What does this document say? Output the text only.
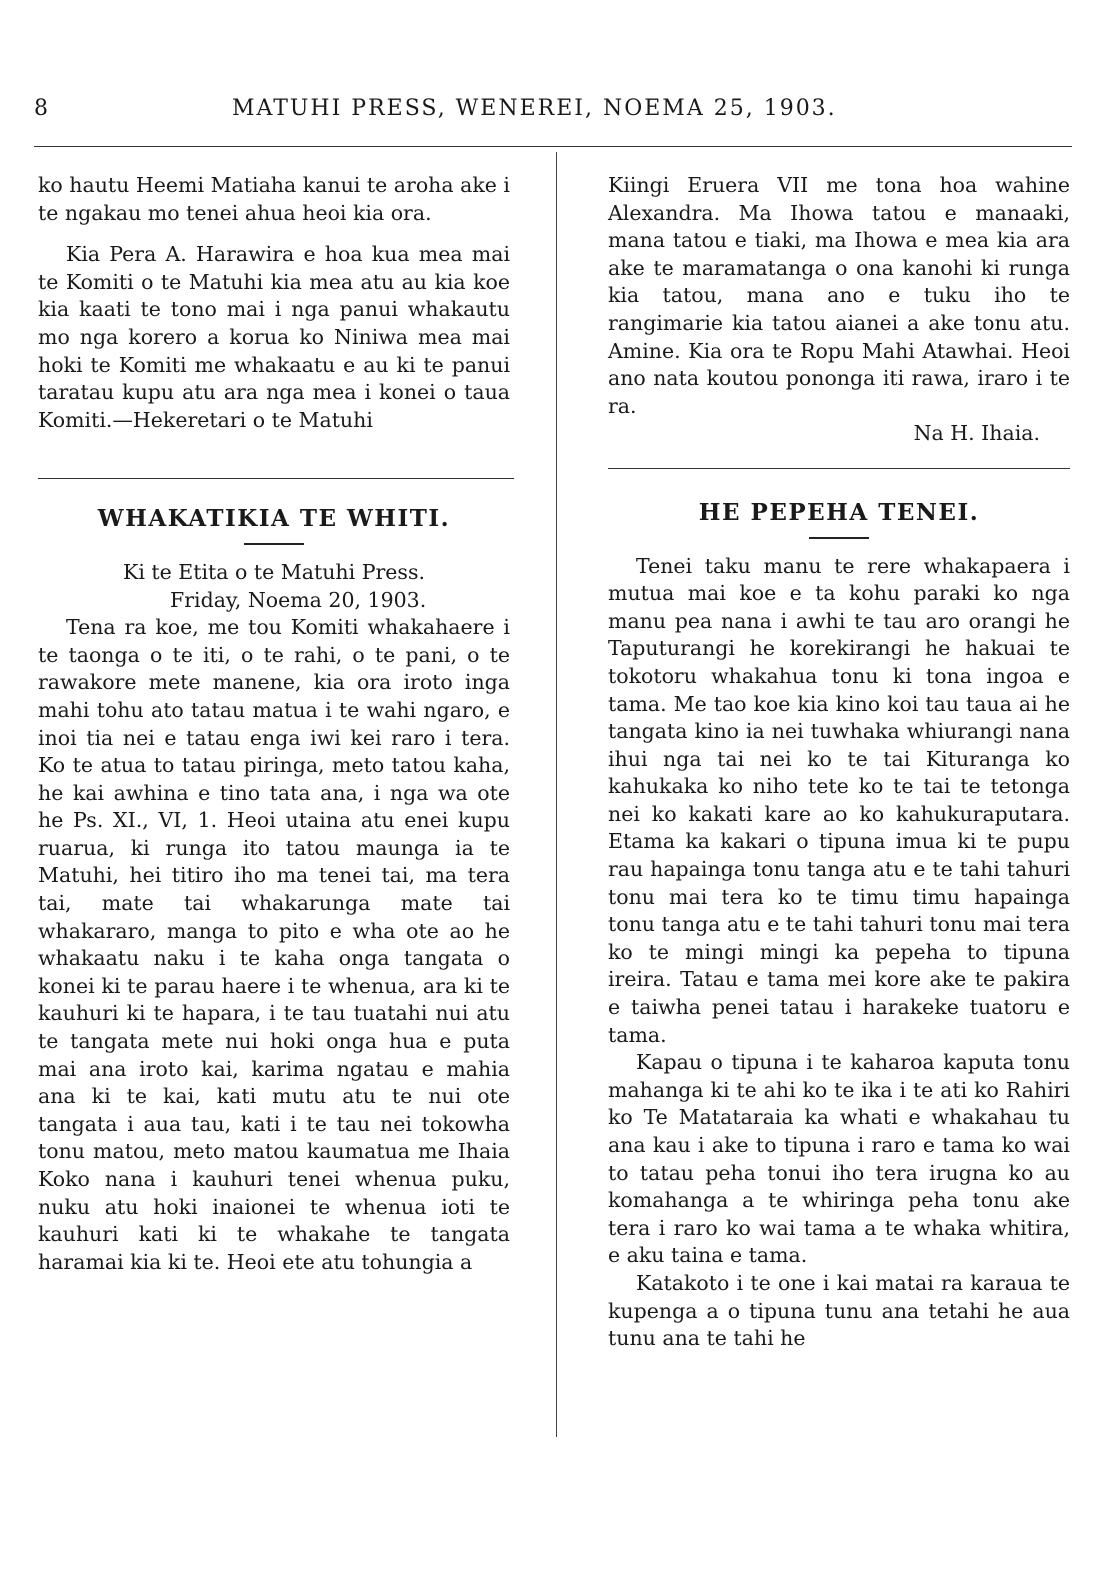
8	MATUHI PRESS, WENEREI, NOEMA 25, 1903.

ko hautu Heemi Matiaha kanui te aroha ake i te ngakau mo tenei ahua heoi kia ora.

Kia Pera A. Harawira e hoa kua mea mai te Komiti o te Matuhi kia mea atu au kia koe kia kaati te tono mai i nga panui whakautu mo nga korero a korua ko Niniwa mea mai hoki te Komiti me whakaatu e au ki te panui taratau kupu atu ara nga mea i konei o taua Komiti.—Hekeretari o te Matuhi

WHAKATIKIA TE WHITI.

Ki te Etita o te Matuhi Press.

Friday, Noema 20, 1903.

Tena ra koe, me tou Komiti whakahaere i te taonga o te iti, o te rahi, o te pani, o te rawakore mete manene, kia ora iroto inga mahi tohu ato tatau matua i te wahi ngaro, e inoi tia nei e tatau enga iwi kei raro i tera. Ko te atua to tatau piringa, meto tatou kaha, he kai awhina e tino tata ana, i nga wa ote he Ps. XI., VI, 1. Heoi utaina atu enei kupu ruarua, ki runga ito tatou maunga ia te Matuhi, hei titiro iho ma tenei tai, ma tera tai, mate tai whakarunga mate tai whakararo, manga to pito e wha ote ao he whakaatu naku i te kaha onga tangata o konei ki te parau haere i te whenua, ara ki te kauhuri ki te hapara, i te tau tuatahi nui atu te tangata mete nui hoki onga hua e puta mai ana iroto kai, karima ngatau e mahia ana ki te kai, kati mutu atu te nui ote tangata i aua tau, kati i te tau nei tokowha tonu matou, meto matou kaumatua me Ihaia Koko nana i kauhuri tenei whenua puku, nuku atu hoki inaionei te whenua ioti te kauhuri kati ki te whakahe te tangata haramai kia ki te. Heoi ete atu tohungia a

Kiingi Eruera VII me tona hoa wahine Alexandra. Ma Ihowa tatou e manaaki, mana tatou e tiaki, ma Ihowa e mea kia ara ake te maramatanga o ona kanohi ki runga kia tatou, mana ano e tuku iho te rangimarie kia tatou aianei a ake tonu atu. Amine. Kia ora te Ropu Mahi Atawhai. Heoi ano nata koutou pononga iti rawa, iraro i te ra.

Na H. Ihaia.

HE PEPEHA TENEI.

Tenei taku manu te rere whakapaera i mutua mai koe e ta kohu paraki ko nga manu pea nana i awhi te tau aro orangi he Taputurangi he korekirangi he hakuai te tokotoru whakahua tonu ki tona ingoa e tama. Me tao koe kia kino koi tau taua ai he tangata kino ia nei tuwhaka whiurangi nana ihui nga tai nei ko te tai Kituranga ko kahukaka ko niho tete ko te tai te tetonga nei ko kakati kare ao ko kahukuraputara. Etama ka kakari o tipuna imua ki te pupu rau hapainga tonu tanga atu e te tahi tahuri tonu mai tera ko te timu timu hapainga tonu tanga atu e te tahi tahuri tonu mai tera ko te mingi mingi ka pepeha to tipuna ireira. Tatau e tama mei kore ake te pakira e taiwha penei tatau i harakeke tuatoru e tama.

Kapau o tipuna i te kaharoa kaputa tonu mahanga ki te ahi ko te ika i te ati ko Rahiri ko Te Matataraia ka whati e whakahau tu ana kau i ake to tipuna i raro e tama ko wai to tatau peha tonui iho tera irugna ko au komahanga a te whiringa peha tonu ake tera i raro ko wai tama a te whaka whitira, e aku taina e tama.

Katakoto i te one i kai matai ra karaua te kupenga a o tipuna tunu ana tetahi he aua tunu ana te tahi he
